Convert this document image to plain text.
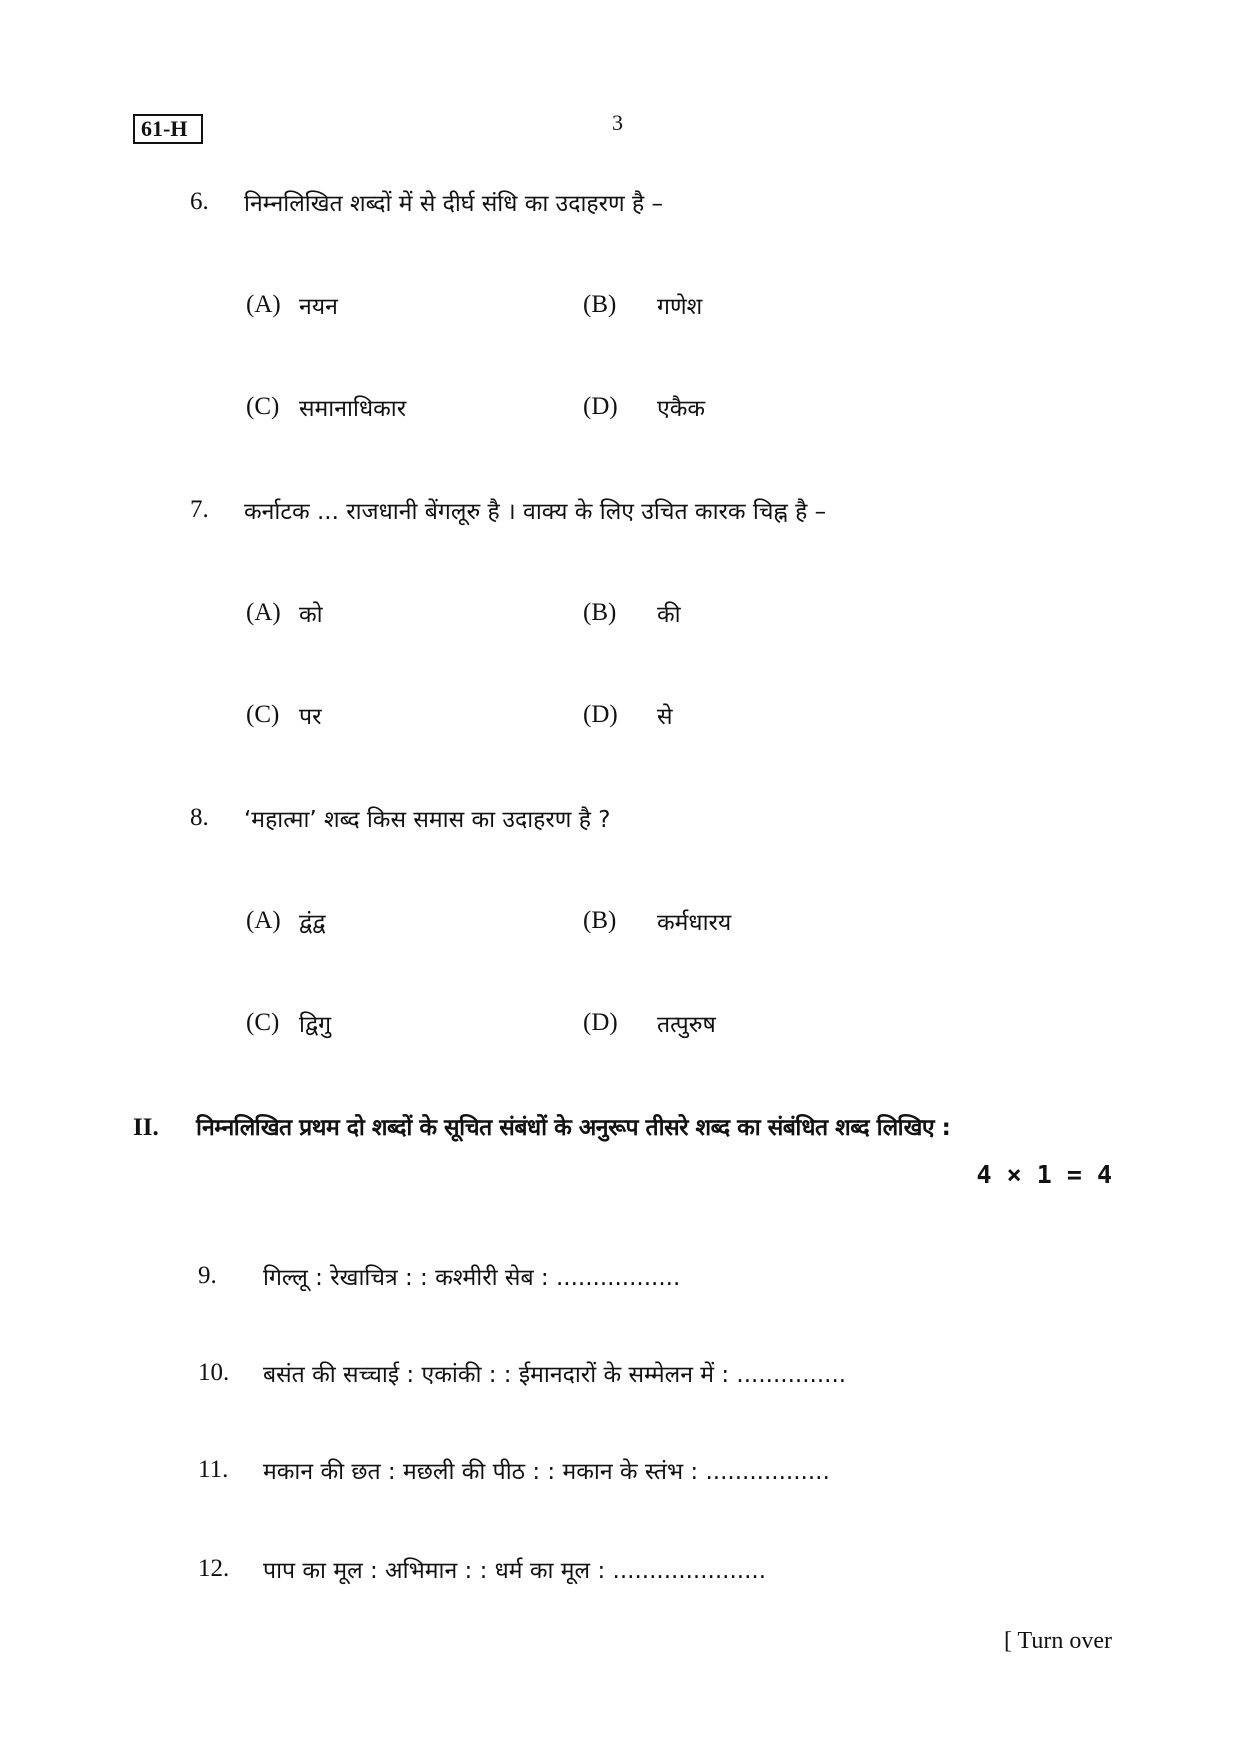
61-H	3
6. निम्नलिखित शब्दों में से दीर्घ संधि का उदाहरण है –
(A) नयन	(B) गणेश
(C) समानाधिकार	(D) एकैक
7. कर्नाटक ... राजधानी बेंगलूरु है । वाक्य के लिए उचित कारक चिह्न है –
(A) को	(B) की
(C) पर	(D) से
8. ‘महात्मा’ शब्द किस समास का उदाहरण है ?
(A) द्वंद्व	(B) कर्मधारय
(C) द्विगु	(D) तत्पुरुष
II. निम्नलिखित प्रथम दो शब्दों के सूचित संबंधों के अनुरूप तीसरे शब्द का संबंधित शब्द लिखिए :
4 × 1 = 4
9. गिल्लू : रेखाचित्र : : कश्मीरी सेब : .................
10. बसंत की सच्चाई : एकांकी : : ईमानदारों के सम्मेलन में : ...............
11. मकान की छत : मछली की पीठ : : मकान के स्तंभ : .................
12. पाप का मूल : अभिमान : : धर्म का मूल : .....................
[ Turn over
